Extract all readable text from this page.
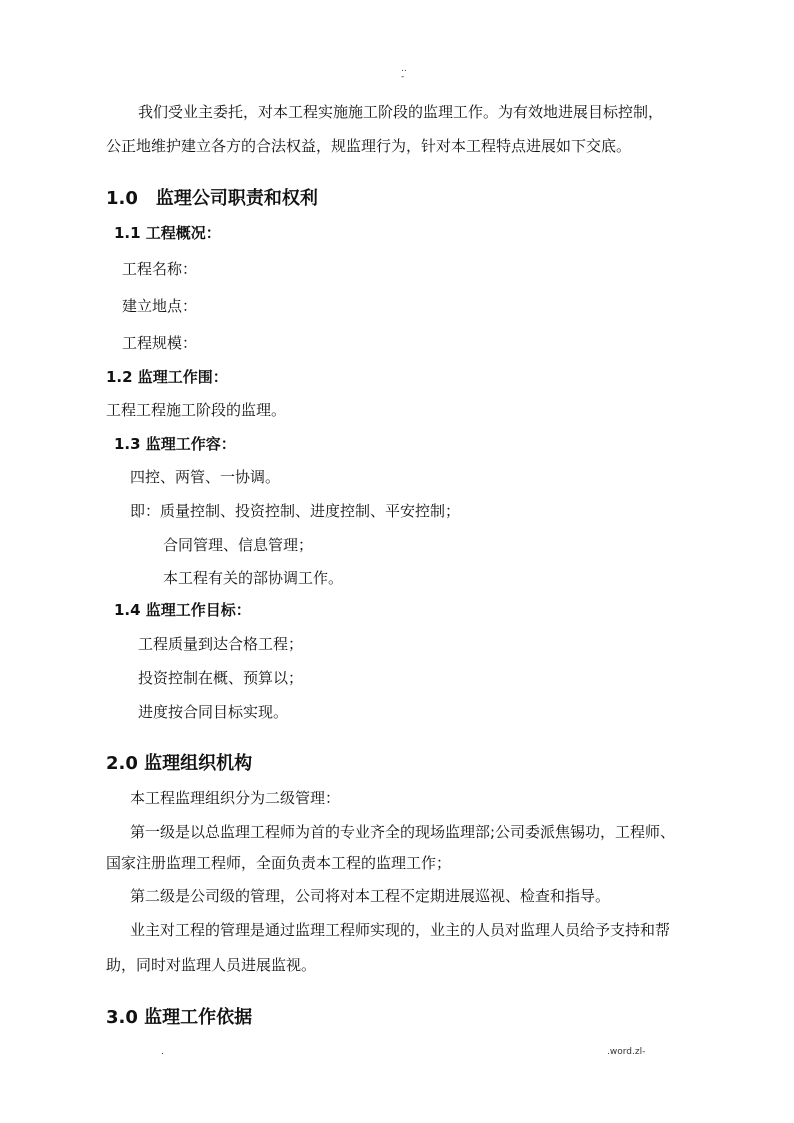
..
-
我们受业主委托，对本工程实施施工阶段的监理工作。为有效地进展目标控制，
公正地维护建立各方的合法权益，规监理行为，针对本工程特点进展如下交底。
1.0 监理公司职责和权利
1.1 工程概况：
工程名称：
建立地点：
工程规模：
1.2 监理工作围：
工程工程施工阶段的监理。
1.3 监理工作容：
四控、两管、一协调。
即：质量控制、投资控制、进度控制、平安控制；
合同管理、信息管理；
本工程有关的部协调工作。
1.4 监理工作目标：
工程质量到达合格工程；
投资控制在概、预算以；
进度按合同目标实现。
2.0 监理组织机构
本工程监理组织分为二级管理：
第一级是以总监理工程师为首的专业齐全的现场监理部;公司委派焦锡功，工程师、
国家注册监理工程师，全面负责本工程的监理工作；
第二级是公司级的管理，公司将对本工程不定期进展巡视、检查和指导。
业主对工程的管理是通过监理工程师实现的，业主的人员对监理人员给予支持和帮
助，同时对监理人员进展监视。
3.0 监理工作依据
.	.word.zl-
